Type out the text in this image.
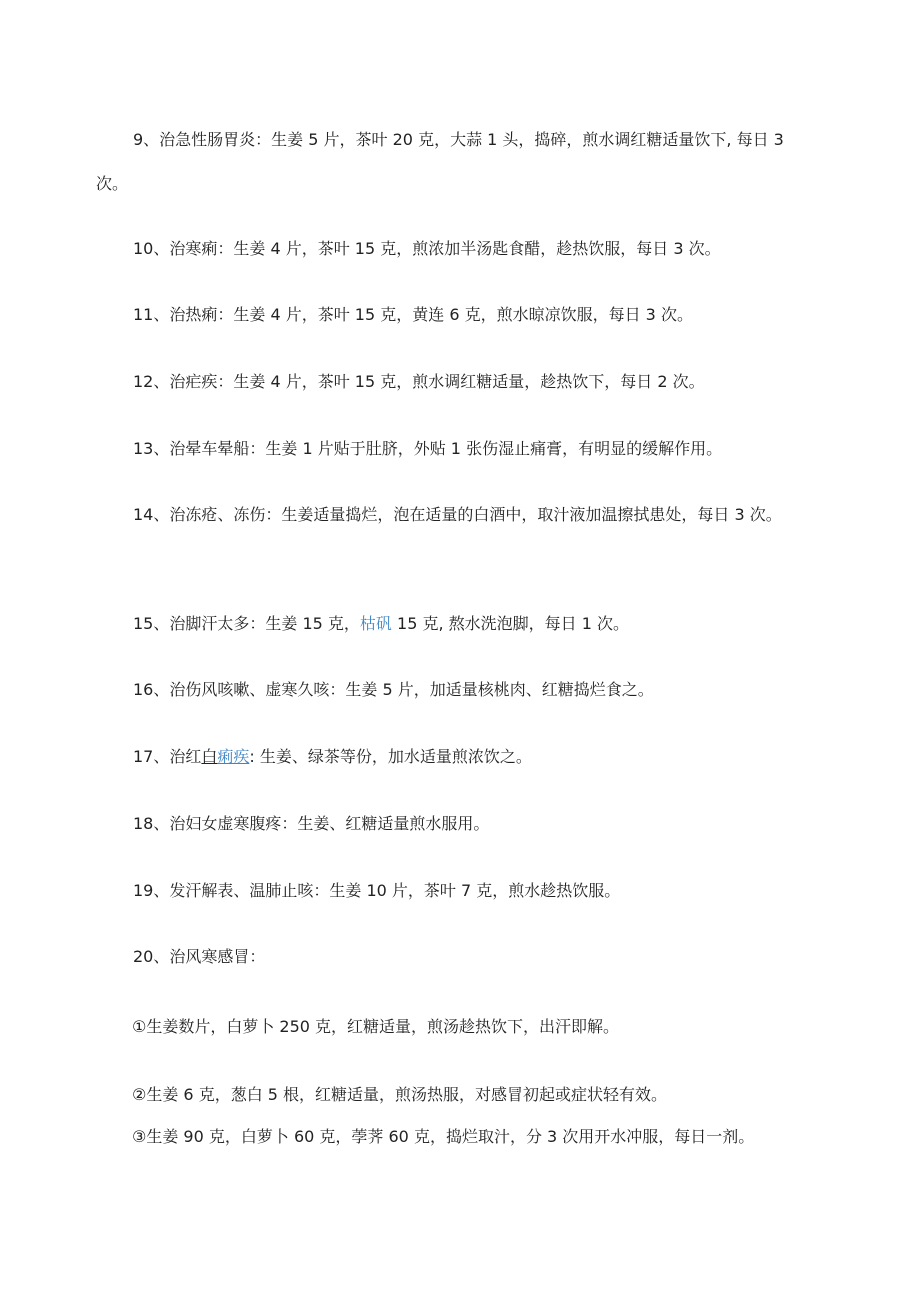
9、治急性肠胃炎：生姜 5 片，茶叶 20 克，大蒜 1 头，捣碎，煎水调红糖适量饮下, 每日 3 次。

10、治寒痢：生姜 4 片，茶叶 15 克，煎浓加半汤匙食醋，趁热饮服，每日 3 次。

11、治热痢：生姜 4 片，茶叶 15 克，黄连 6 克，煎水晾凉饮服，每日 3 次。

12、治疟疾：生姜 4 片，茶叶 15 克，煎水调红糖适量，趁热饮下，每日 2 次。

13、治晕车晕船：生姜 1 片贴于肚脐，外贴 1 张伤湿止痛膏，有明显的缓解作用。

14、治冻疮、冻伤：生姜适量捣烂，泡在适量的白酒中，取汁液加温擦拭患处，每日 3 次。

15、治脚汗太多：生姜 15 克，枯矾 15 克, 熬水洗泡脚，每日 1 次。

16、治伤风咳嗽、虚寒久咳：生姜 5 片，加适量核桃肉、红糖捣烂食之。

17、治红白痢疾: 生姜、绿茶等份，加水适量煎浓饮之。

18、治妇女虚寒腹疼：生姜、红糖适量煎水服用。

19、发汗解表、温肺止咳：生姜 10 片，茶叶 7 克，煎水趁热饮服。

20、治风寒感冒：

①生姜数片，白萝卜 250 克，红糖适量，煎汤趁热饮下，出汗即解。

②生姜 6 克，葱白 5 根，红糖适量，煎汤热服，对感冒初起或症状轻有效。

③生姜 90 克，白萝卜 60 克，荸荠 60 克，捣烂取汁，分 3 次用开水冲服，每日一剂。
